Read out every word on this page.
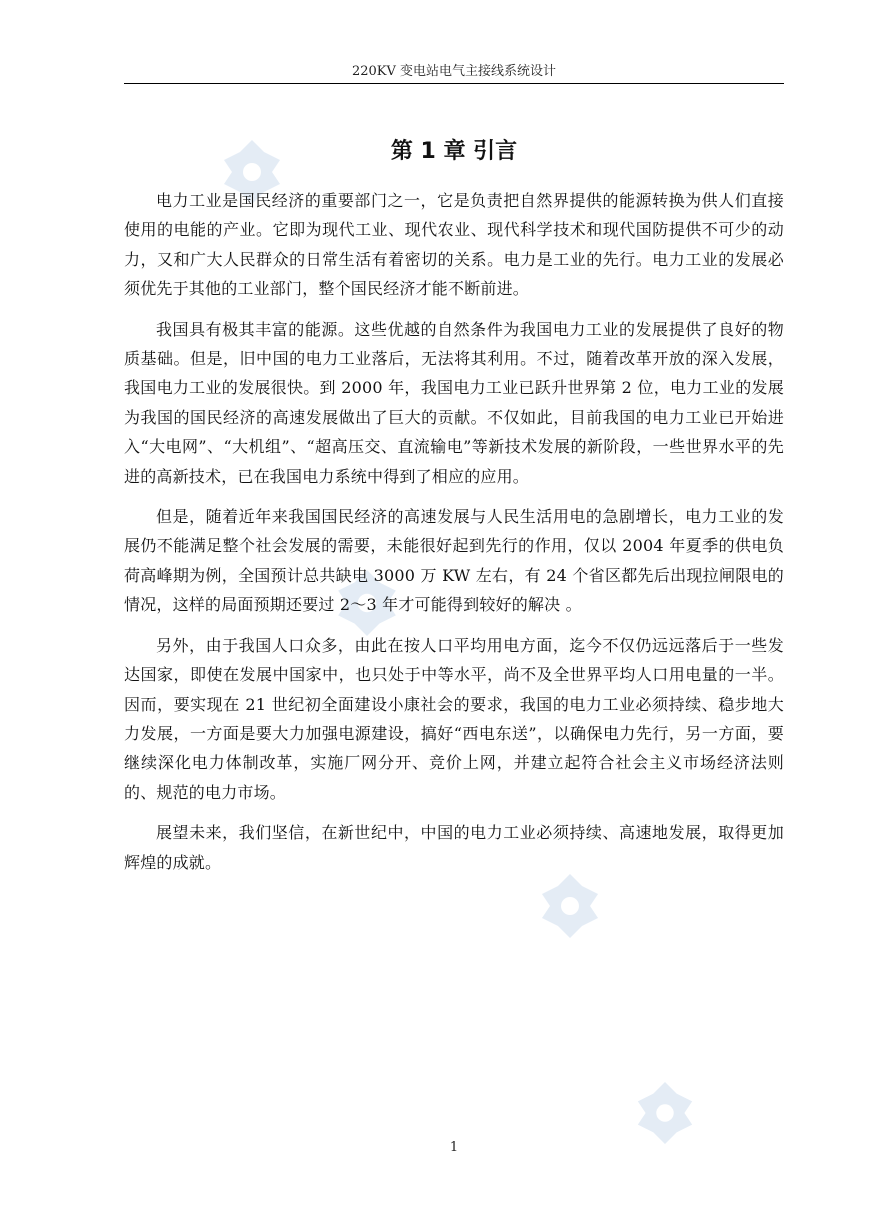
220KV 变电站电气主接线系统设计
第 1 章 引言

电力工业是国民经济的重要部门之一，它是负责把自然界提供的能源转换为供人们直接使用的电能的产业。它即为现代工业、现代农业、现代科学技术和现代国防提供不可少的动力，又和广大人民群众的日常生活有着密切的关系。电力是工业的先行。电力工业的发展必须优先于其他的工业部门，整个国民经济才能不断前进。

我国具有极其丰富的能源。这些优越的自然条件为我国电力工业的发展提供了良好的物质基础。但是，旧中国的电力工业落后，无法将其利用。不过，随着改革开放的深入发展，我国电力工业的发展很快。到 2000 年，我国电力工业已跃升世界第 2 位，电力工业的发展为我国的国民经济的高速发展做出了巨大的贡献。不仅如此，目前我国的电力工业已开始进入“大电网”、“大机组”、“超高压交、直流输电”等新技术发展的新阶段，一些世界水平的先进的高新技术，已在我国电力系统中得到了相应的应用。

但是，随着近年来我国国民经济的高速发展与人民生活用电的急剧增长，电力工业的发展仍不能满足整个社会发展的需要，未能很好起到先行的作用，仅以 2004 年夏季的供电负荷高峰期为例，全国预计总共缺电 3000 万 KW 左右，有 24 个省区都先后出现拉闸限电的情况，这样的局面预期还要过 2～3 年才可能得到较好的解决 。

另外，由于我国人口众多，由此在按人口平均用电方面，迄今不仅仍远远落后于一些发达国家，即使在发展中国家中，也只处于中等水平，尚不及全世界平均人口用电量的一半。因而，要实现在 21 世纪初全面建设小康社会的要求，我国的电力工业必须持续、稳步地大力发展，一方面是要大力加强电源建设，搞好“西电东送”，以确保电力先行，另一方面，要继续深化电力体制改革，实施厂网分开、竞价上网，并建立起符合社会主义市场经济法则的、规范的电力市场。

展望未来，我们坚信，在新世纪中，中国的电力工业必须持续、高速地发展，取得更加辉煌的成就。

1
